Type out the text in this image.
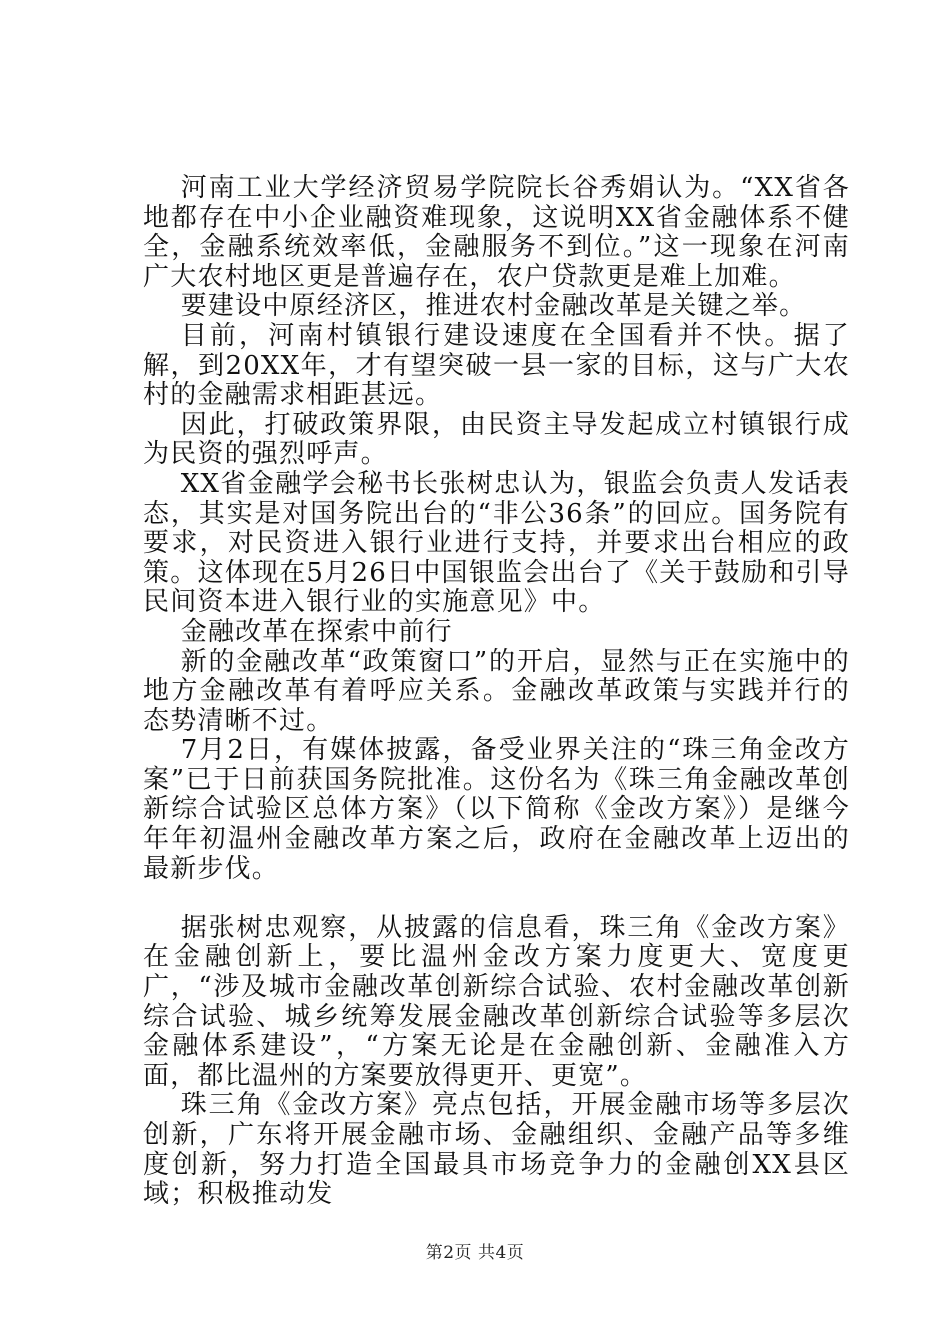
河南工业大学经济贸易学院院长谷秀娟认为。“XX省各地都存在中小企业融资难现象，这说明XX省金融体系不健全，金融系统效率低，金融服务不到位。”这一现象在河南广大农村地区更是普遍存在，农户贷款更是难上加难。

要建设中原经济区，推进农村金融改革是关键之举。

目前，河南村镇银行建设速度在全国看并不快。据了解，到20XX年，才有望突破一县一家的目标，这与广大农村的金融需求相距甚远。

因此，打破政策界限，由民资主导发起成立村镇银行成为民资的强烈呼声。

XX省金融学会秘书长张树忠认为，银监会负责人发话表态，其实是对国务院出台的“非公36条”的回应。国务院有要求，对民资进入银行业进行支持，并要求出台相应的政策。这体现在5月26日中国银监会出台了《关于鼓励和引导民间资本进入银行业的实施意见》中。

金融改革在探索中前行

新的金融改革“政策窗口”的开启，显然与正在实施中的地方金融改革有着呼应关系。金融改革政策与实践并行的态势清晰不过。

7月2日，有媒体披露，备受业界关注的“珠三角金改方案”已于日前获国务院批准。这份名为《珠三角金融改革创新综合试验区总体方案》（以下简称《金改方案》）是继今年年初温州金融改革方案之后，政府在金融改革上迈出的最新步伐。

据张树忠观察，从披露的信息看，珠三角《金改方案》在金融创新上，要比温州金改方案力度更大、宽度更广，“涉及城市金融改革创新综合试验、农村金融改革创新综合试验、城乡统筹发展金融改革创新综合试验等多层次金融体系建设”，“方案无论是在金融创新、金融准入方面，都比温州的方案要放得更开、更宽”。

珠三角《金改方案》亮点包括，开展金融市场等多层次创新，广东将开展金融市场、金融组织、金融产品等多维度创新，努力打造全国最具市场竞争力的金融创XX县区域；积极推动发

第2页 共4页
